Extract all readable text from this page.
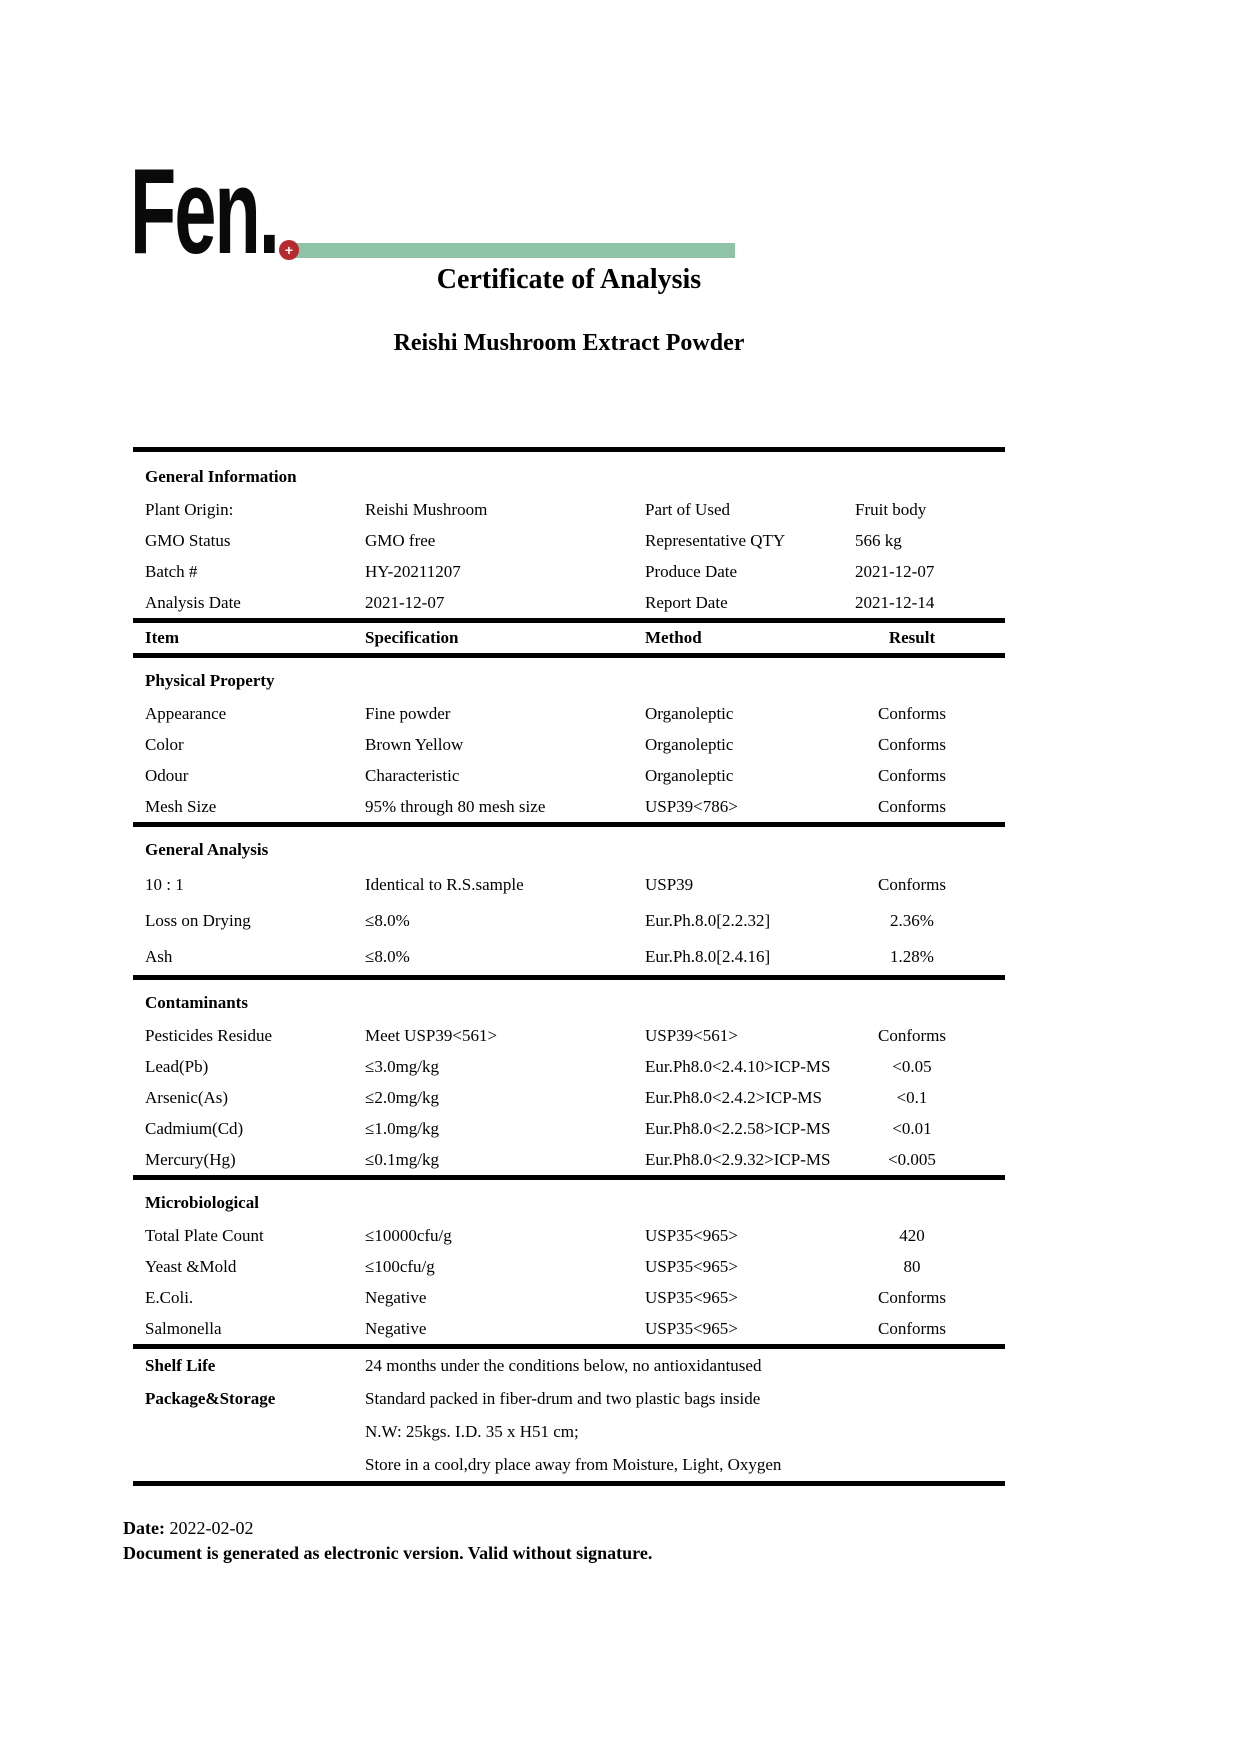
Fen. +
Certificate of Analysis
Reishi Mushroom Extract Powder
General Information
Plant Origin:	Reishi Mushroom	Part of Used	Fruit body
GMO Status	GMO free	Representative QTY	566 kg
Batch #	HY-20211207	Produce Date	2021-12-07
Analysis Date	2021-12-07	Report Date	2021-12-14
Item	Specification	Method	Result
Physical Property
Appearance	Fine powder	Organoleptic	Conforms
Color	Brown Yellow	Organoleptic	Conforms
Odour	Characteristic	Organoleptic	Conforms
Mesh Size	95% through 80 mesh size	USP39<786>	Conforms
General Analysis
10 : 1	Identical to R.S.sample	USP39	Conforms
Loss on Drying	≤8.0%	Eur.Ph.8.0[2.2.32]	2.36%
Ash	≤8.0%	Eur.Ph.8.0[2.4.16]	1.28%
Contaminants
Pesticides Residue	Meet USP39<561>	USP39<561>	Conforms
Lead(Pb)	≤3.0mg/kg	Eur.Ph8.0<2.4.10>ICP-MS	<0.05
Arsenic(As)	≤2.0mg/kg	Eur.Ph8.0<2.4.2>ICP-MS	<0.1
Cadmium(Cd)	≤1.0mg/kg	Eur.Ph8.0<2.2.58>ICP-MS	<0.01
Mercury(Hg)	≤0.1mg/kg	Eur.Ph8.0<2.9.32>ICP-MS	<0.005
Microbiological
Total Plate Count	≤10000cfu/g	USP35<965>	420
Yeast &Mold	≤100cfu/g	USP35<965>	80
E.Coli.	Negative	USP35<965>	Conforms
Salmonella	Negative	USP35<965>	Conforms
Shelf Life	24 months under the conditions below, no antioxidantused
Package&Storage	Standard packed in fiber-drum and two plastic bags inside
N.W: 25kgs. I.D. 35 x H51 cm;
Store in a cool,dry place away from Moisture, Light, Oxygen
Date: 2022-02-02
Document is generated as electronic version. Valid without signature.
